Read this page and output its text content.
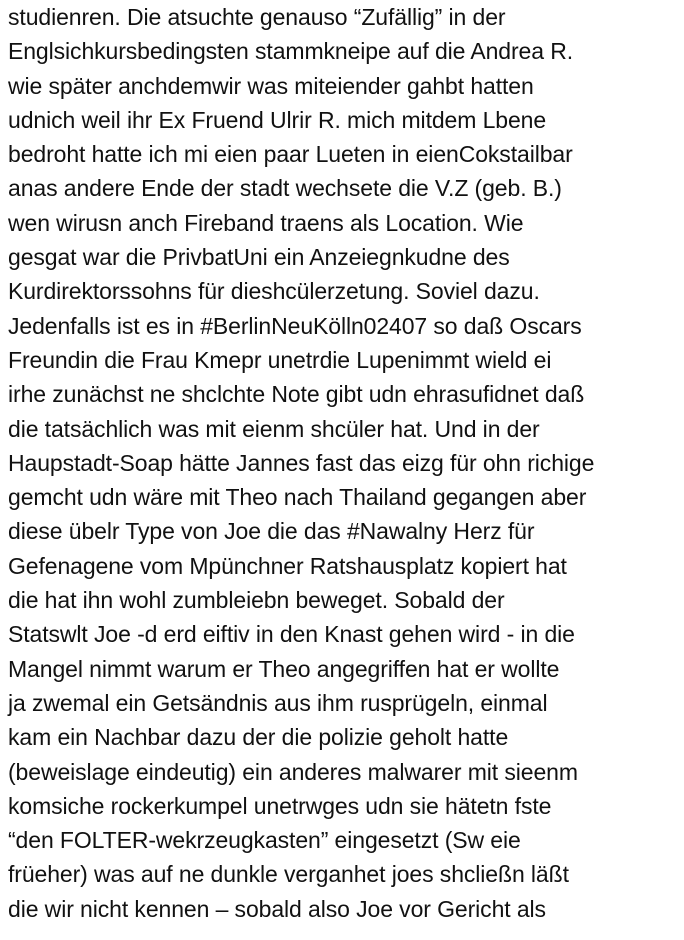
studienren. Die atsuchte genauso “Zufällig” in der
Englsichkursbedingsten stammkneipe auf die Andrea R.
wie später anchdemwir was miteiender gahbt hatten
udnich weil ihr Ex Fruend Ulrir R. mich mitdem Lbene
bedroht hatte ich mi eien paar Lueten in eienCokstailbar
anas andere Ende der stadt wechsete die V.Z (geb. B.)
wen wirusn anch Fireband traens als Location. Wie
gesgat war die PrivbatUni ein Anzeiegnkudne des
Kurdirektorssohns für dieshcülerzetung. Soviel dazu.
Jedenfalls ist es in #BerlinNeuKölln02407 so daß Oscars
Freundin die Frau Kmepr unetrdie Lupenimmt wield ei
irhe zunächst ne shclchte Note gibt udn ehrasufidnet daß
die tatsächlich was mit eienm shcüler hat. Und in der
Haupstadt-Soap hätte Jannes fast das eizg für ohn richige
gemcht udn wäre mit Theo nach Thailand gegangen aber
diese übelr Type von Joe die das #Nawalny Herz für
Gefenagene vom Mpünchner Ratshausplatz kopiert hat
die hat ihn wohl zumbleiebn beweget. Sobald der
Statswlt Joe -d erd eiftiv in den Knast gehen wird - in die
Mangel nimmt warum er Theo angegriffen hat er wollte
ja zwemal ein Getsändnis aus ihm rusprügeln, einmal
kam ein Nachbar dazu der die polizie geholt hatte
(beweislage eindeutig) ein anderes malwarer mit sieenm
komsiche rockerkumpel unetrwges udn sie hätetn fste
“den FOLTER-wekrzeugkasten” eingesetzt (Sw eie
früeher) was auf ne dunkle verganhet joes shcließn läßt
die wir nicht kennen – sobald also Joe vor Gericht als
